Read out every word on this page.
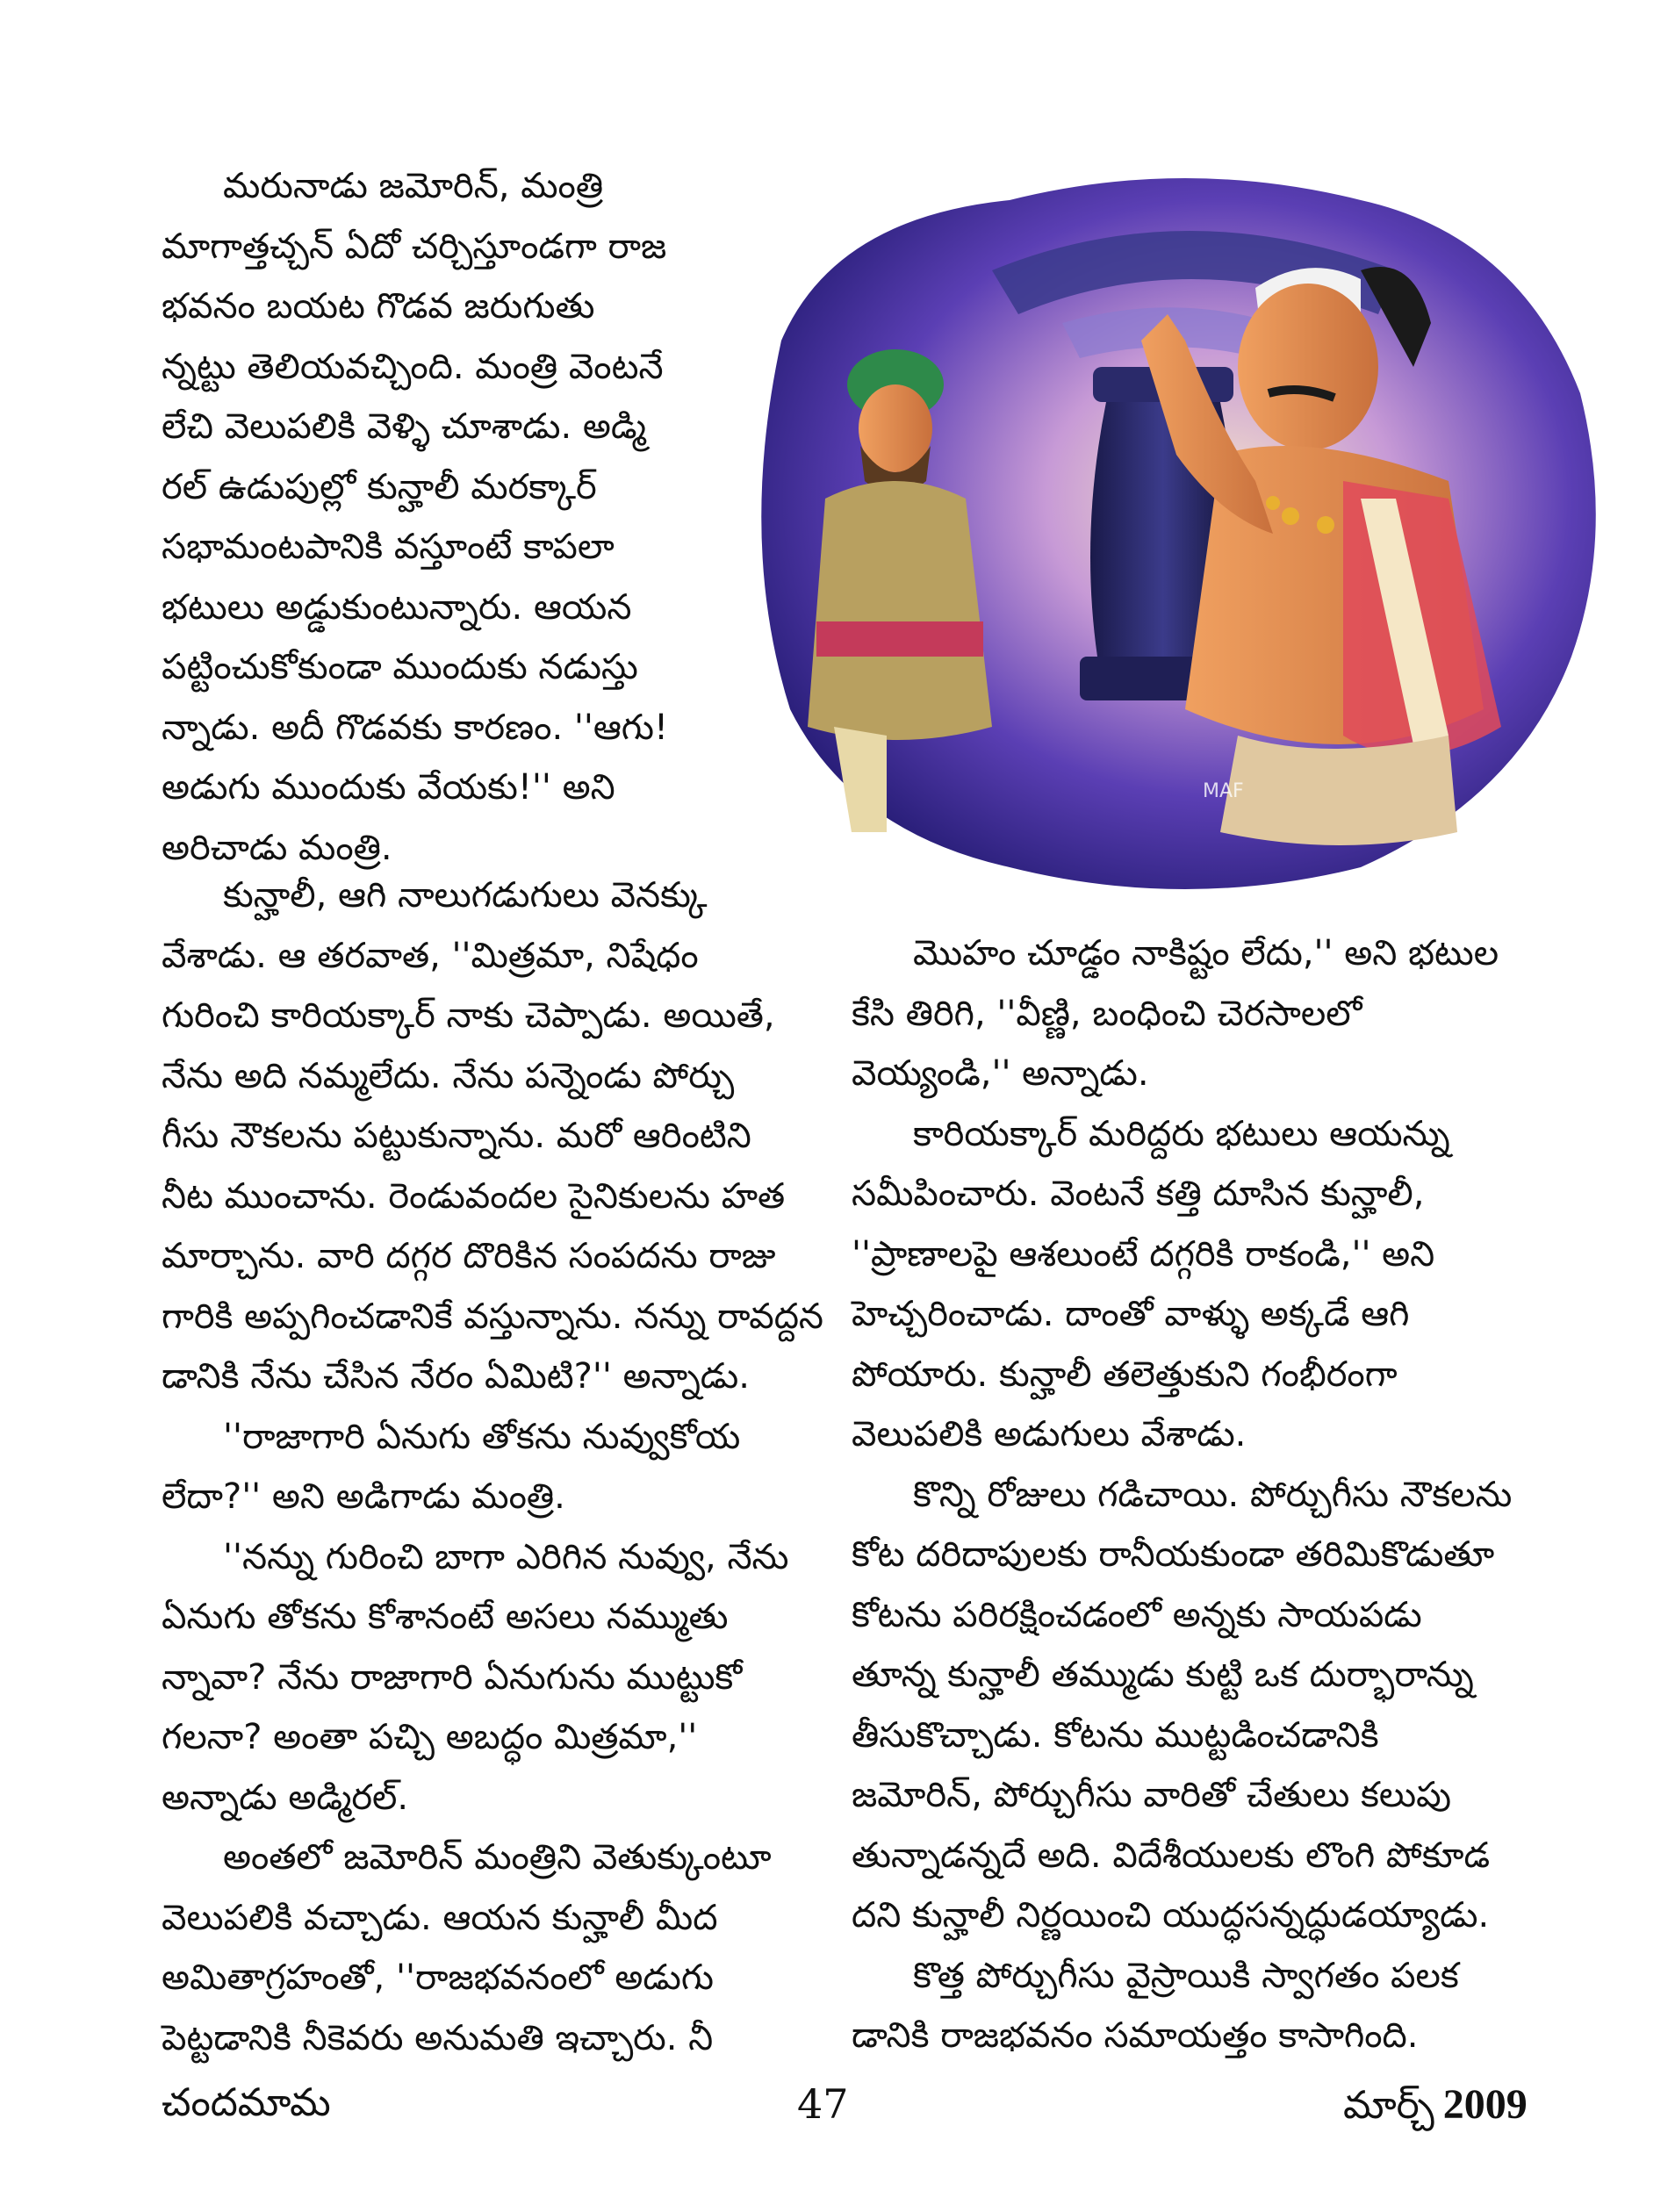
మరునాడు జమోరిన్‌, మంత్రి
మాగాత్తచ్చన్‌ ఏదో చర్చిస్తూండగా రాజ
భవనం బయట గొడవ జరుగుతు
న్నట్టు తెలియవచ్చింది. మంత్రి వెంటనే
లేచి వెలుపలికి వెళ్ళి చూశాడు. అడ్మి
రల్‌ ఉడుపుల్లో కున్హాలీ మరక్కార్‌
సభామంటపానికి వస్తూంటే కాపలా
భటులు అడ్డుకుంటున్నారు. ఆయన
పట్టించుకోకుండా ముందుకు నడుస్తు
న్నాడు. అదీ గొడవకు కారణం. ''ఆగు!
అడుగు ముందుకు వేయకు!'' అని
అరిచాడు మంత్రి.

MAF

కున్హాలీ, ఆగి నాలుగడుగులు వెనక్కు
వేశాడు. ఆ తరవాత, ''మిత్రమా, నిషేధం
గురించి కారియక్కార్‌ నాకు చెప్పాడు. అయితే,
నేను అది నమ్మలేదు. నేను పన్నెండు పోర్చు
గీసు నౌకలను పట్టుకున్నాను. మరో ఆరింటిని
నీట ముంచాను. రెండువందల సైనికులను హత
మార్చాను. వారి దగ్గర దొరికిన సంపదను రాజు
గారికి అప్పగించడానికే వస్తున్నాను. నన్ను రావద్దన
డానికి నేను చేసిన నేరం ఏమిటి?'' అన్నాడు.

''రాజాగారి ఏనుగు తోకను నువ్వుకోయ
లేదా?'' అని అడిగాడు మంత్రి.

''నన్ను గురించి బాగా ఎరిగిన నువ్వు, నేను
ఏనుగు తోకను కోశానంటే అసలు నమ్ముతు
న్నావా? నేను రాజాగారి ఏనుగును ముట్టుకో
గలనా? అంతా పచ్చి అబద్ధం మిత్రమా,''
అన్నాడు అడ్మిరల్‌.

అంతలో జమోరిన్‌ మంత్రిని వెతుక్కుంటూ
వెలుపలికి వచ్చాడు. ఆయన కున్హాలీ మీద
అమితాగ్రహంతో, ''రాజభవనంలో అడుగు
పెట్టడానికి నీకెవరు అనుమతి ఇచ్చారు. నీ

మొహం చూడ్డం నాకిష్టం లేదు,'' అని భటుల
కేసి తిరిగి, ''వీణ్ణి, బంధించి చెరసాలలో
వెయ్యండి,'' అన్నాడు.

కారియక్కార్‌ మరిద్దరు భటులు ఆయన్ను
సమీపించారు. వెంటనే కత్తి దూసిన కున్హాలీ,
''ప్రాణాలపై ఆశలుంటే దగ్గరికి రాకండి,'' అని
హెచ్చరించాడు. దాంతో వాళ్ళు అక్కడే ఆగి
పోయారు. కున్హాలీ తలెత్తుకుని గంభీరంగా
వెలుపలికి అడుగులు వేశాడు.

కొన్ని రోజులు గడిచాయి. పోర్చుగీసు నౌకలను
కోట దరిదాపులకు రానీయకుండా తరిమికొడుతూ
కోటను పరిరక్షించడంలో అన్నకు సాయపడు
తూన్న కున్హాలీ తమ్ముడు కుట్టి ఒక దుర్భారాన్ను
తీసుకొచ్చాడు. కోటను ముట్టడించడానికి
జమోరిన్‌, పోర్చుగీసు వారితో చేతులు కలుపు
తున్నాడన్నదే అది. విదేశీయులకు లొంగి పోకూడ
దని కున్హాలీ నిర్ణయించి యుద్ధసన్నద్ధుడయ్యాడు.

కొత్త పోర్చుగీసు వైస్రాయికి స్వాగతం పలక
డానికి రాజభవనం సమాయత్తం కాసాగింది.

చందమామ	47	మార్చ్‌ 2009
